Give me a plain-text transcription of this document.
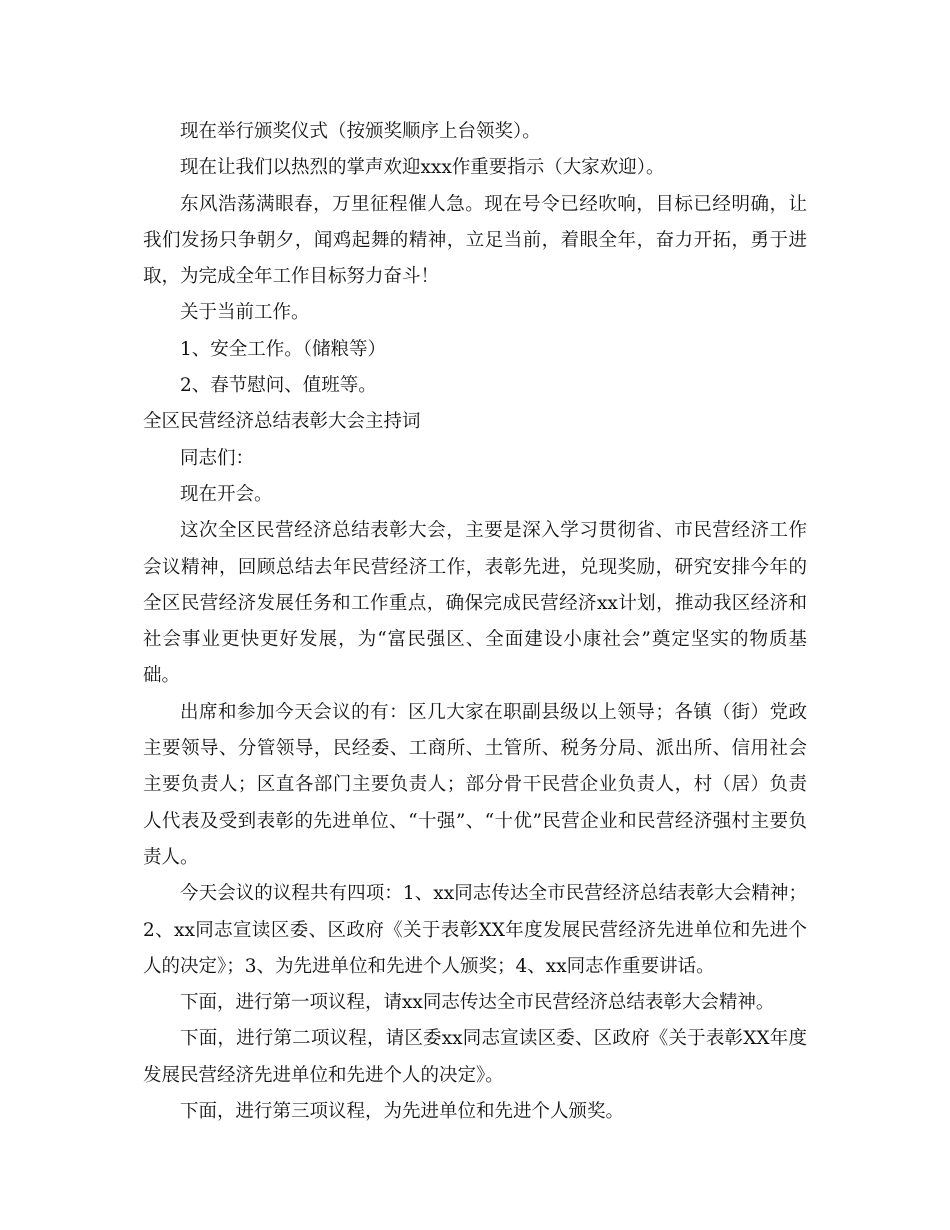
现在举行颁奖仪式（按颁奖顺序上台领奖）。

现在让我们以热烈的掌声欢迎xxx作重要指示（大家欢迎）。

东风浩荡满眼春，万里征程催人急。现在号令已经吹响，目标已经明确，让我们发扬只争朝夕，闻鸡起舞的精神，立足当前，着眼全年，奋力开拓，勇于进取，为完成全年工作目标努力奋斗！

关于当前工作。

1、安全工作。（储粮等）

2、春节慰问、值班等。

全区民营经济总结表彰大会主持词

同志们：

现在开会。

这次全区民营经济总结表彰大会，主要是深入学习贯彻省、市民营经济工作会议精神，回顾总结去年民营经济工作，表彰先进，兑现奖励，研究安排今年的全区民营经济发展任务和工作重点，确保完成民营经济xx计划，推动我区经济和社会事业更快更好发展，为“富民强区、全面建设小康社会”奠定坚实的物质基础。

出席和参加今天会议的有：区几大家在职副县级以上领导；各镇（街）党政主要领导、分管领导，民经委、工商所、土管所、税务分局、派出所、信用社会主要负责人；区直各部门主要负责人；部分骨干民营企业负责人，村（居）负责人代表及受到表彰的先进单位、“十强”、“十优”民营企业和民营经济强村主要负责人。

今天会议的议程共有四项：1、xx同志传达全市民营经济总结表彰大会精神；2、xx同志宣读区委、区政府《关于表彰XX年度发展民营经济先进单位和先进个人的决定》；3、为先进单位和先进个人颁奖；4、xx同志作重要讲话。

下面，进行第一项议程，请xx同志传达全市民营经济总结表彰大会精神。

下面，进行第二项议程，请区委xx同志宣读区委、区政府《关于表彰XX年度发展民营经济先进单位和先进个人的决定》。

下面，进行第三项议程，为先进单位和先进个人颁奖。
